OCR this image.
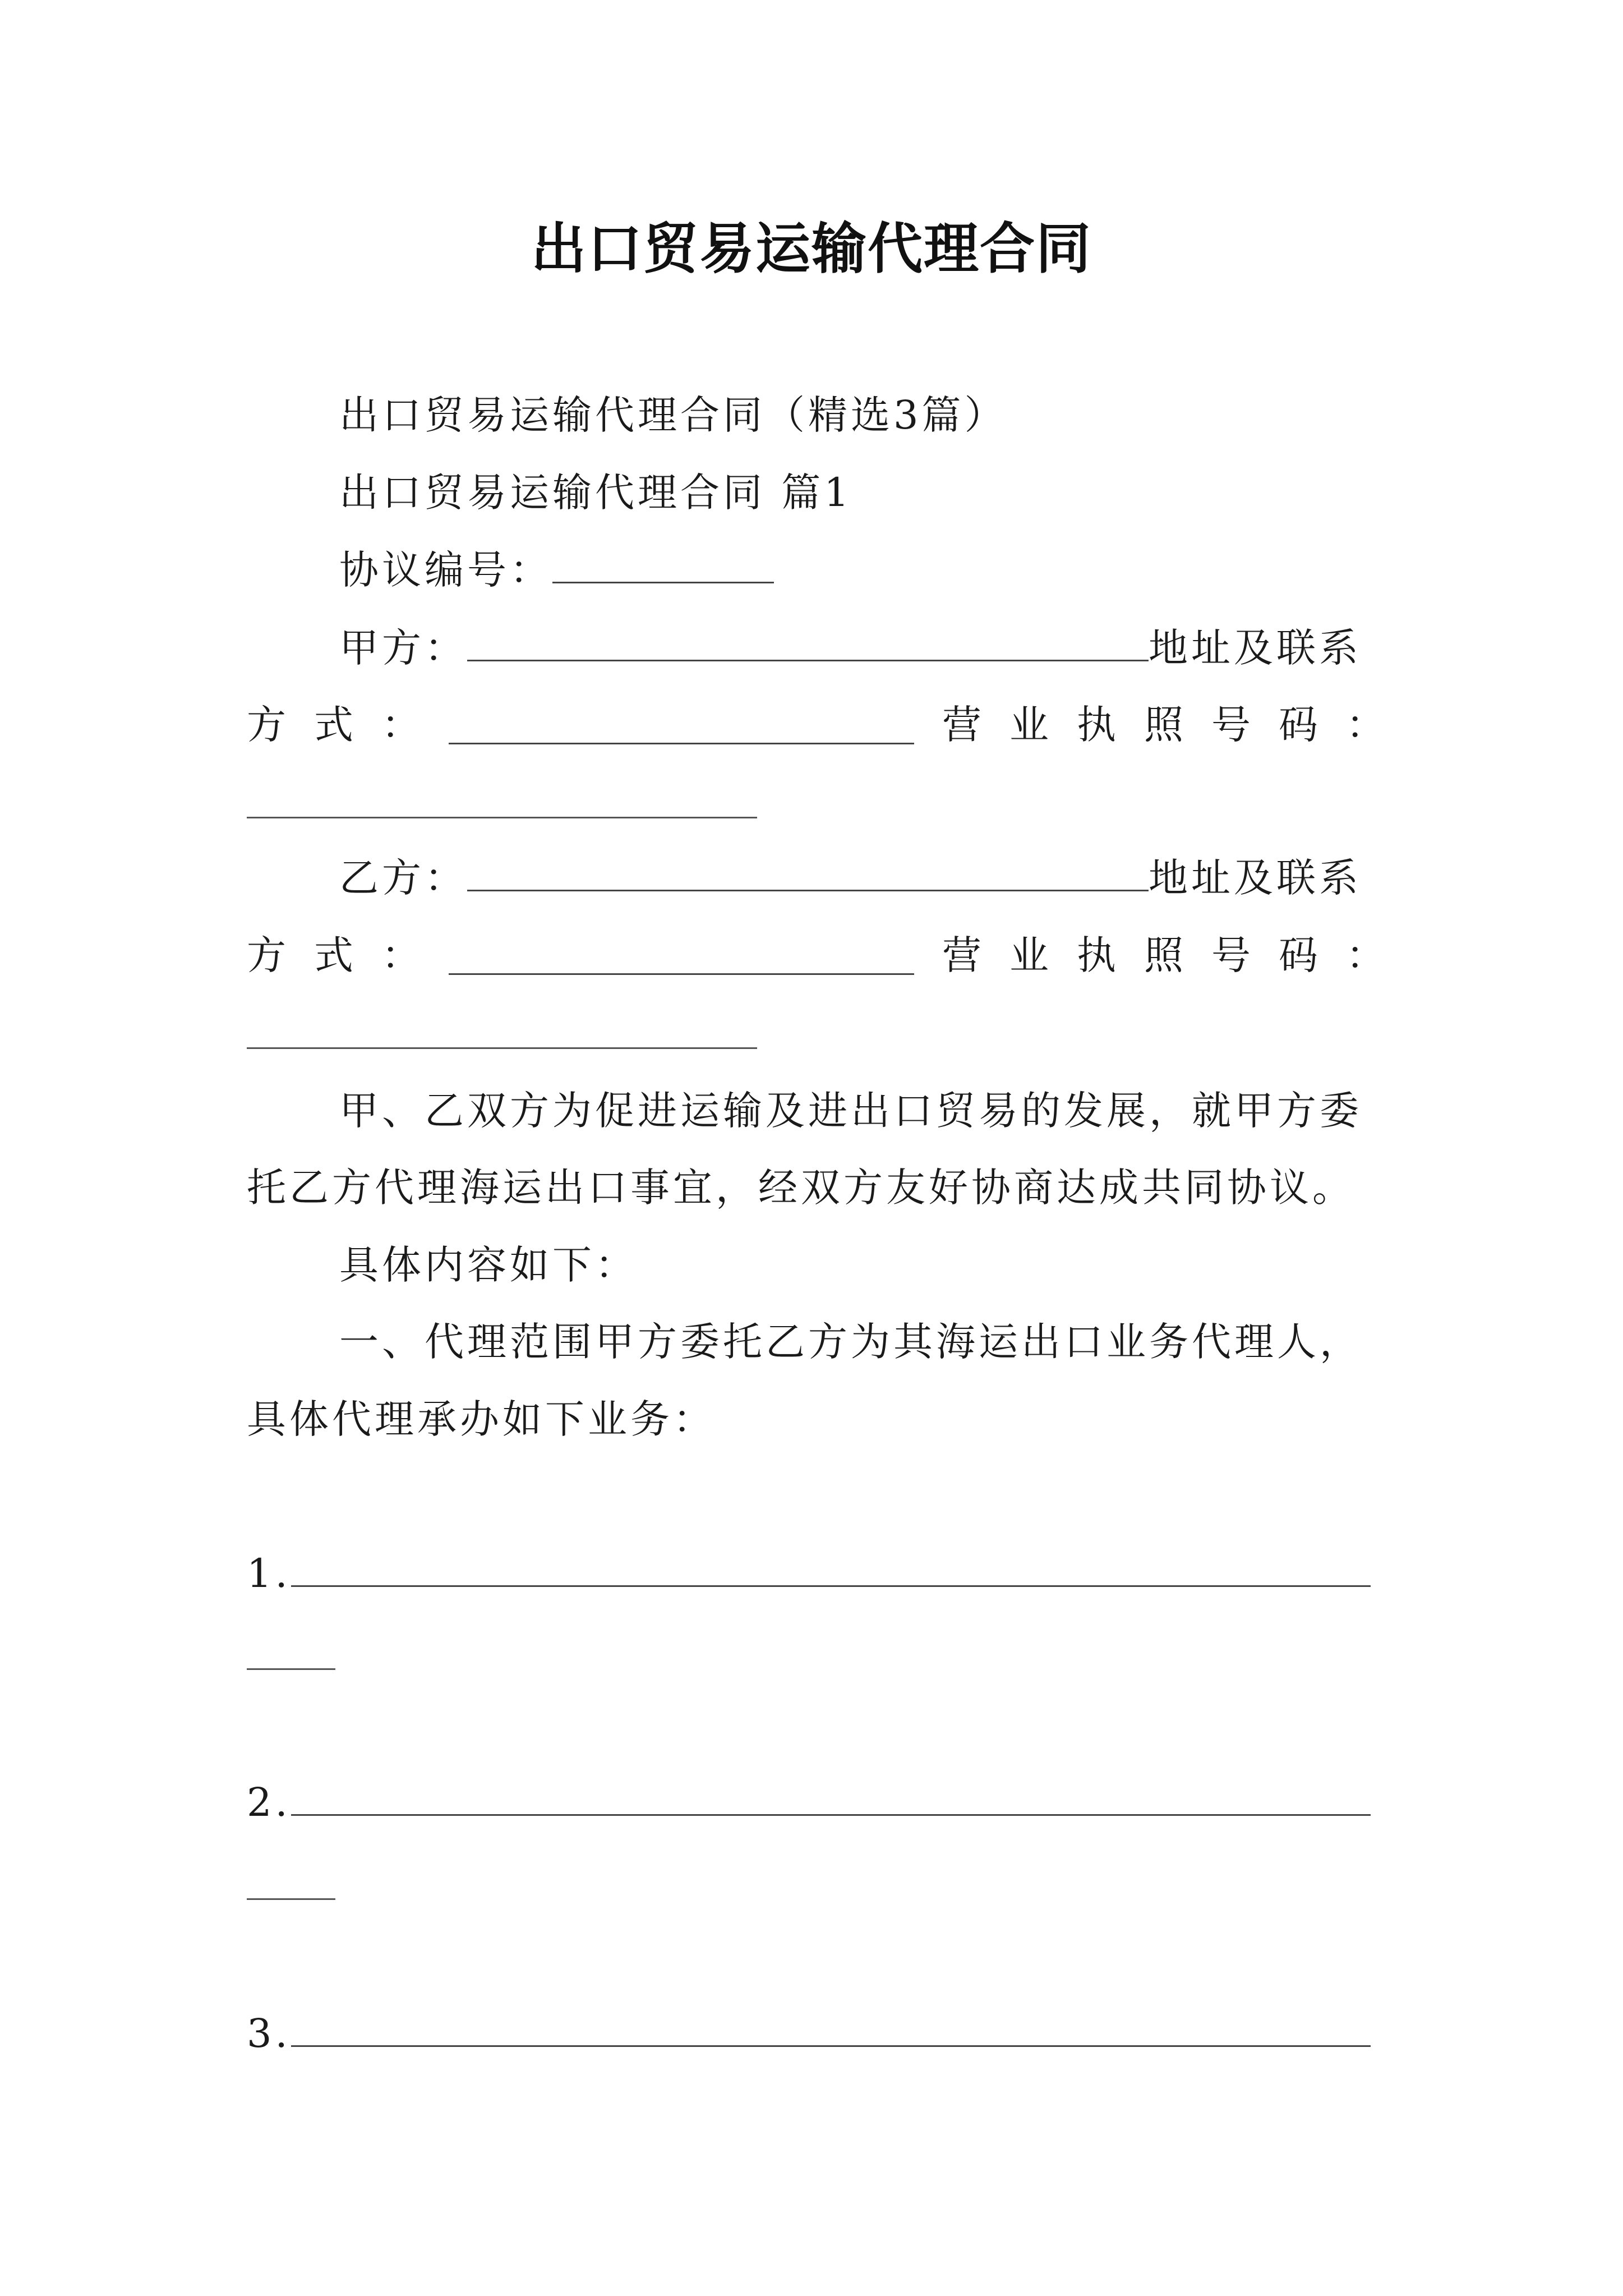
出口贸易运输代理合同
出口贸易运输代理合同（精选3篇）
出口贸易运输代理合同 篇1
协议编号：
甲方：	地址及联系
方 式 ：	营 业 执 照 号 码 ：
乙方：	地址及联系
方 式 ：	营 业 执 照 号 码 ：
甲、乙双方为促进运输及进出口贸易的发展，就甲方委
托乙方代理海运出口事宜，经双方友好协商达成共同协议。
具体内容如下：
一、代理范围甲方委托乙方为其海运出口业务代理人，
具体代理承办如下业务：
1.
2.
3.
